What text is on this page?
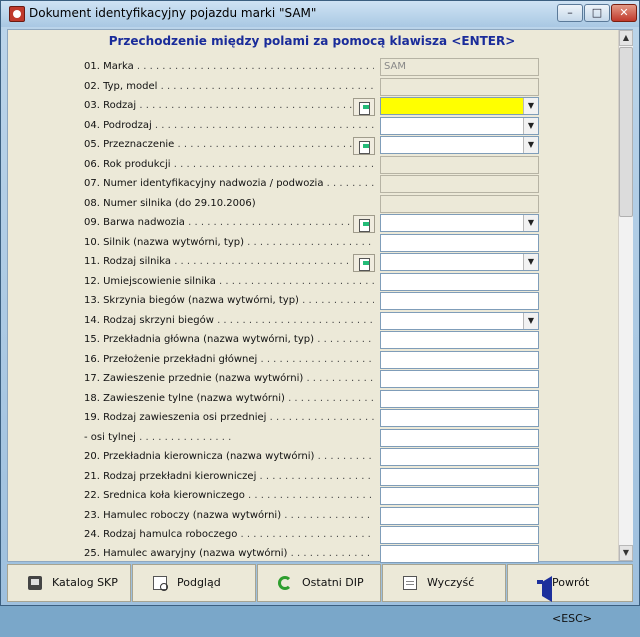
Dokument identyfikacyjny pojazdu marki "SAM"	–	□	✕
Przechodzenie między polami za pomocą klawisza <ENTER>
01. Marka . . .	SAM
02. Typ, model . . .
03. Rodzaj . . .	▼
04. Podrodzaj . . .	▼
05. Przeznaczenie . . .	▼
06. Rok produkcji . . .
07. Numer identyfikacyjny nadwozia / podwozia . . .
08. Numer silnika (do 29.10.2006)
09. Barwa nadwozia . . .	▼
10. Silnik (nazwa wytwórni, typ) . . .
11. Rodzaj silnika . . .	▼
12. Umiejscowienie silnika . . .
13. Skrzynia biegów (nazwa wytwórni, typ) . . .
14. Rodzaj skrzyni biegów . . .	▼
15. Przekładnia główna (nazwa wytwórni, typ) . . .
16. Przełożenie przekładni głównej . . .
17. Zawieszenie przednie (nazwa wytwórni) . . .
18. Zawieszenie tylne (nazwa wytwórni) . . .
19. Rodzaj zawieszenia osi przedniej . . .
- osi tylnej . . .
20. Przekładnia kierownicza (nazwa wytwórni) . . .
21. Rodzaj przekładni kierowniczej . . .
22. Średnica koła kierowniczego . . .
23. Hamulec roboczy (nazwa wytwórni) . . .
24. Rodzaj hamulca roboczego . . .
25. Hamulec awaryjny (nazwa wytwórni) . . .
▲
▼
Katalog SKP	Podgląd	Ostatni DIP	Wyczyść	Powrót <ESC>
